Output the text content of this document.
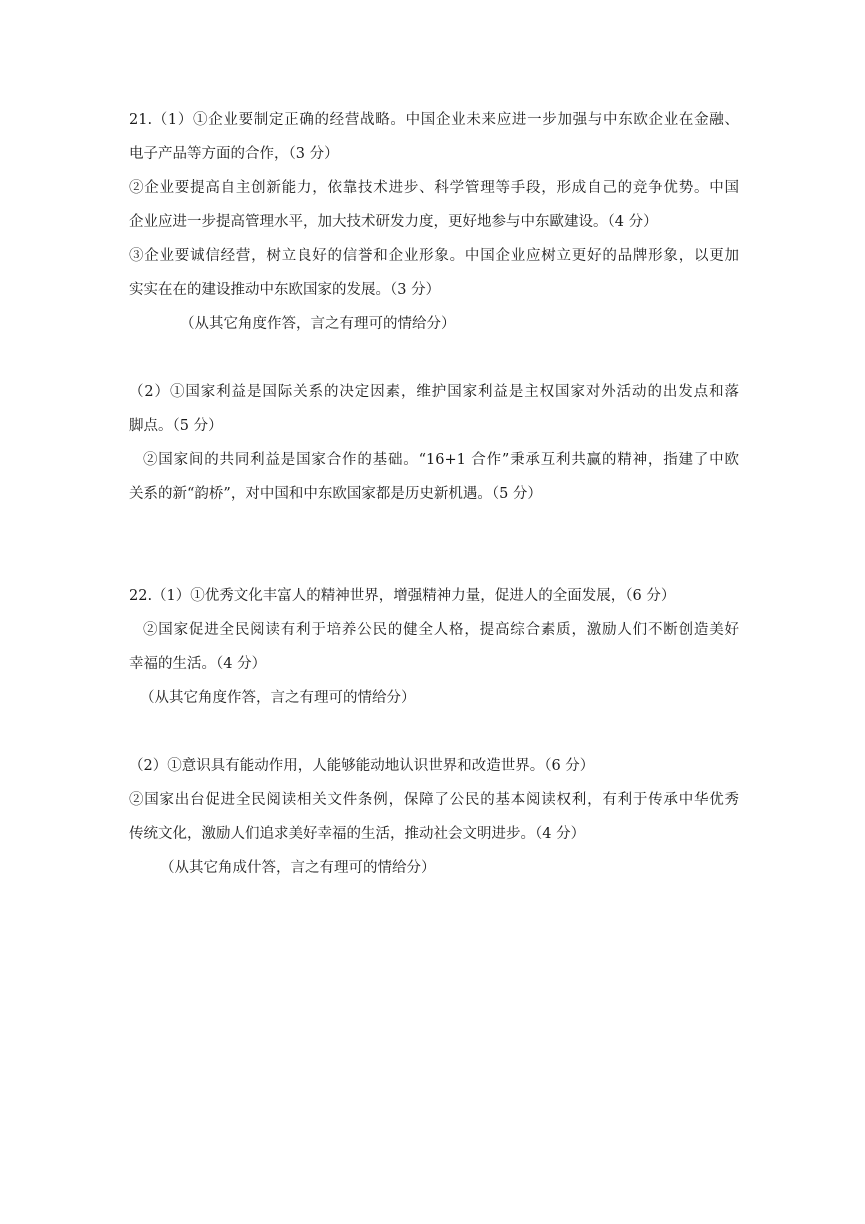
21.（1）①企业要制定正确的经营战略。中国企业未来应进一步加强与中东欧企业在金融、
电子产品等方面的合作，（3 分）
②企业要提高自主创新能力，依靠技术进步、科学管理等手段，形成自己的竞争优势。中国
企业应进一步提高管理水平，加大技术研发力度，更好地参与中东歐建设。（4 分）
③企业要诚信经营，树立良好的信誉和企业形象。中国企业应树立更好的品牌形象，以更加
实实在在的建设推动中东欧国家的发展。（3 分）
（从其它角度作答，言之有理可的情给分）
（2）①国家利益是国际关系的决定因素，维护国家利益是主权国家对外活动的出发点和落
脚点。（5 分）
②国家间的共同利益是国家合作的基础。“16+1 合作”秉承互利共赢的精神，指建了中欧
关系的新“韵桥”，对中国和中东欧国家都是历史新机遇。（5 分）
22.（1）①优秀文化丰富人的精神世界，增强精神力量，促进人的全面发展，（6 分）
②国家促进全民阅读有利于培养公民的健全人格，提高综合素质，激励人们不断创造美好
幸福的生活。（4 分）
（从其它角度作答，言之有理可的情给分）
（2）①意识具有能动作用，人能够能动地认识世界和改造世界。（6 分）
②国家出台促进全民阅读相关文件条例，保障了公民的基本阅读权利，有利于传承中华优秀
传统文化，激励人们追求美好幸福的生活，推动社会文明进步。（4 分）
（从其它角成什答，言之有理可的情给分）
